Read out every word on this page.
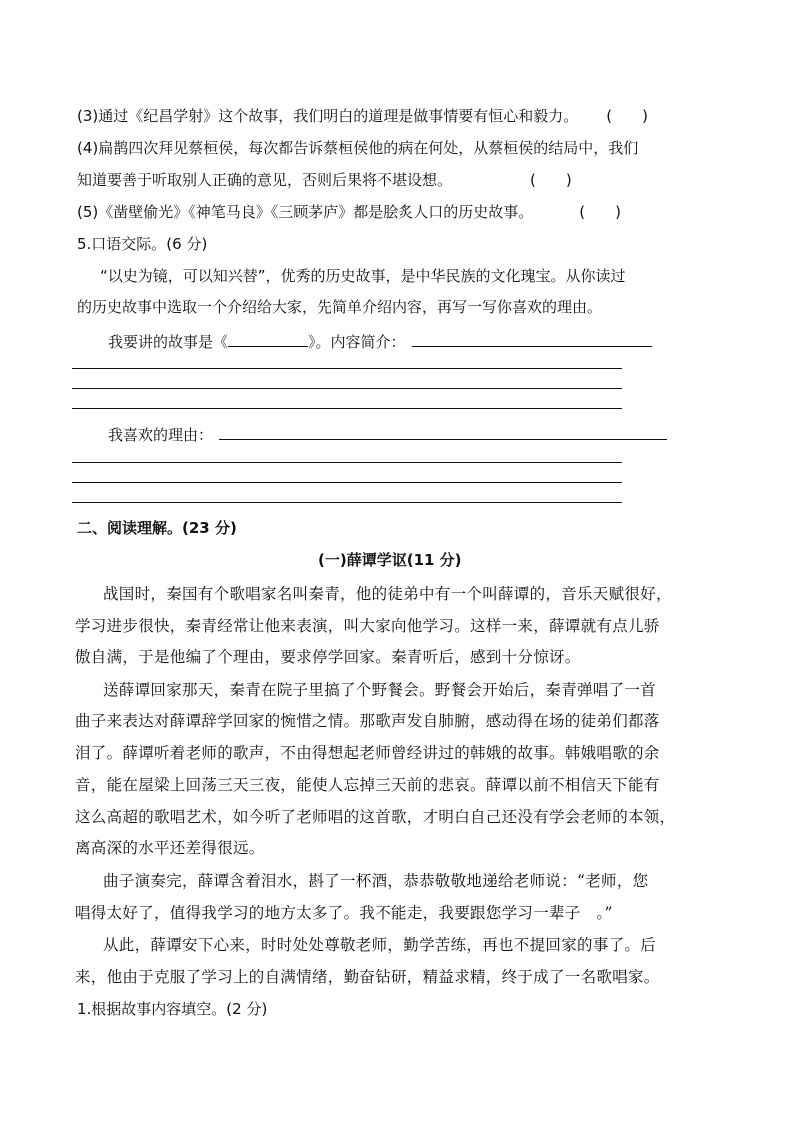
(3)通过《纪昌学射》这个故事，我们明白的道理是做事情要有恒心和毅力。 (　　)
(4)扁鹊四次拜见蔡桓侯，每次都告诉蔡桓侯他的病在何处，从蔡桓侯的结局中，我们
知道要善于听取别人正确的意见，否则后果将不堪设想。	(　　)
(5)《凿壁偷光》《神笔马良》《三顾茅庐》都是脍炙人口的历史故事。	(　　)
5.口语交际。(6 分)
“以史为镜，可以知兴替”，优秀的历史故事，是中华民族的文化瑰宝。从你读过
的历史故事中选取一个介绍给大家，先简单介绍内容，再写一写你喜欢的理由。
我要讲的故事是《	》。内容简介：
我喜欢的理由：
二、阅读理解。(23 分)
(一)薛谭学讴(11 分)
战国时，秦国有个歌唱家名叫秦青，他的徒弟中有一个叫薛谭的，音乐天赋很好，
学习进步很快，秦青经常让他来表演，叫大家向他学习。这样一来，薛谭就有点儿骄
傲自满，于是他编了个理由，要求停学回家。秦青听后，感到十分惊讶。
送薛谭回家那天，秦青在院子里搞了个野餐会。野餐会开始后，秦青弹唱了一首
曲子来表达对薛谭辞学回家的惋惜之情。那歌声发自肺腑，感动得在场的徒弟们都落
泪了。薛谭听着老师的歌声，不由得想起老师曾经讲过的韩娥的故事。韩娥唱歌的余
音，能在屋梁上回荡三天三夜，能使人忘掉三天前的悲哀。薛谭以前不相信天下能有
这么高超的歌唱艺术，如今听了老师唱的这首歌，才明白自己还没有学会老师的本领，
离高深的水平还差得很远。
曲子演奏完，薛谭含着泪水，斟了一杯酒，恭恭敬敬地递给老师说：“老师，您
唱得太好了，值得我学习的地方太多了。我不能走，我要跟您学习一辈子　。”
从此，薛谭安下心来，时时处处尊敬老师，勤学苦练，再也不提回家的事了。后
来，他由于克服了学习上的自满情绪，勤奋钻研，精益求精，终于成了一名歌唱家。
1.根据故事内容填空。(2 分)
